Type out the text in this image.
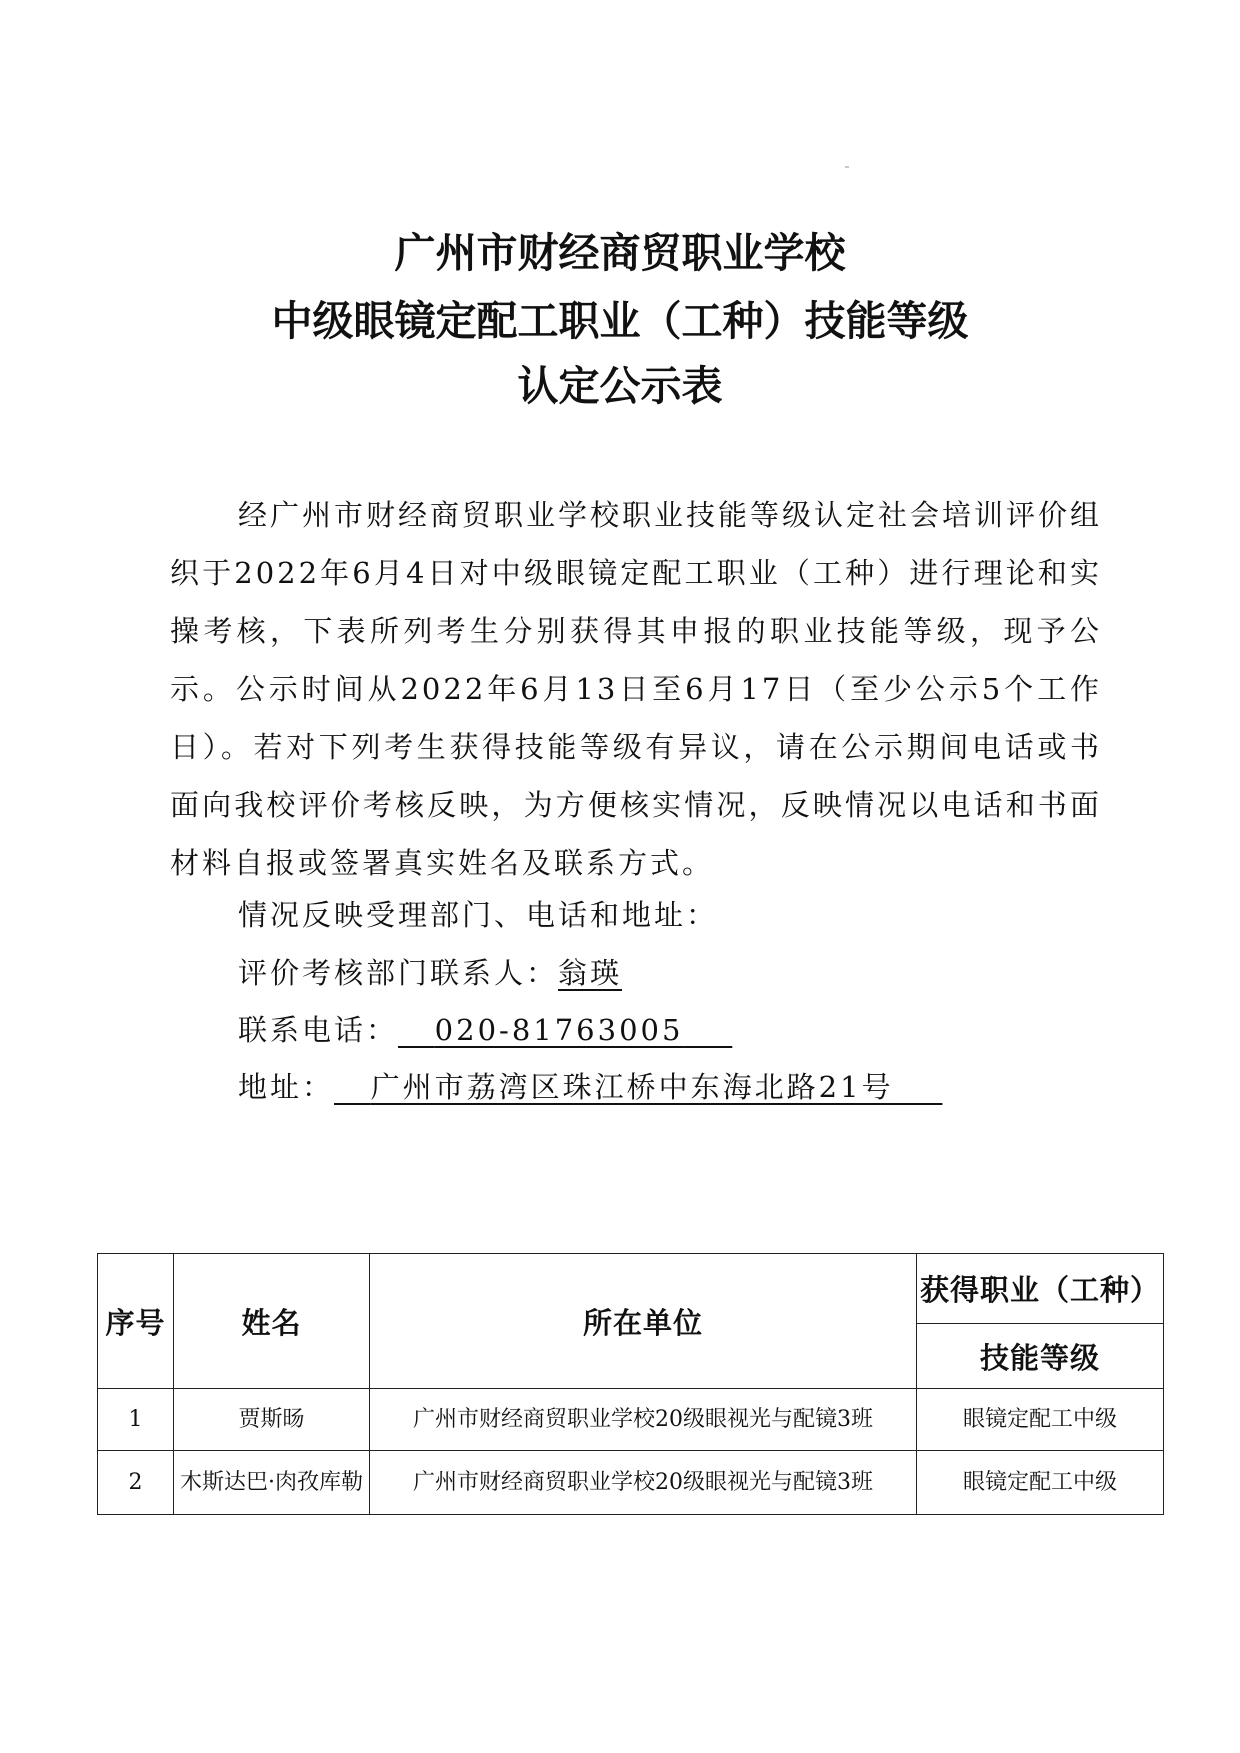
广州市财经商贸职业学校
中级眼镜定配工职业（工种）技能等级
认定公示表

经广州市财经商贸职业学校职业技能等级认定社会培训评价组织于2022年6月4日对中级眼镜定配工职业（工种）进行理论和实操考核，下表所列考生分别获得其申报的职业技能等级，现予公示。公示时间从2022年6月13日至6月17日（至少公示5个工作日）。若对下列考生获得技能等级有异议，请在公示期间电话或书面向我校评价考核反映，为方便核实情况，反映情况以电话和书面材料自报或签署真实姓名及联系方式。

情况反映受理部门、电话和地址：

评价考核部门联系人：翁瑛

联系电话： 020-81763005

地址： 广州市荔湾区珠江桥中东海北路21号

序号	姓名	所在单位	获得职业（工种）
			技能等级
1	贾斯旸	广州市财经商贸职业学校20级眼视光与配镜3班	眼镜定配工中级
2	木斯达巴·肉孜库勒	广州市财经商贸职业学校20级眼视光与配镜3班	眼镜定配工中级
